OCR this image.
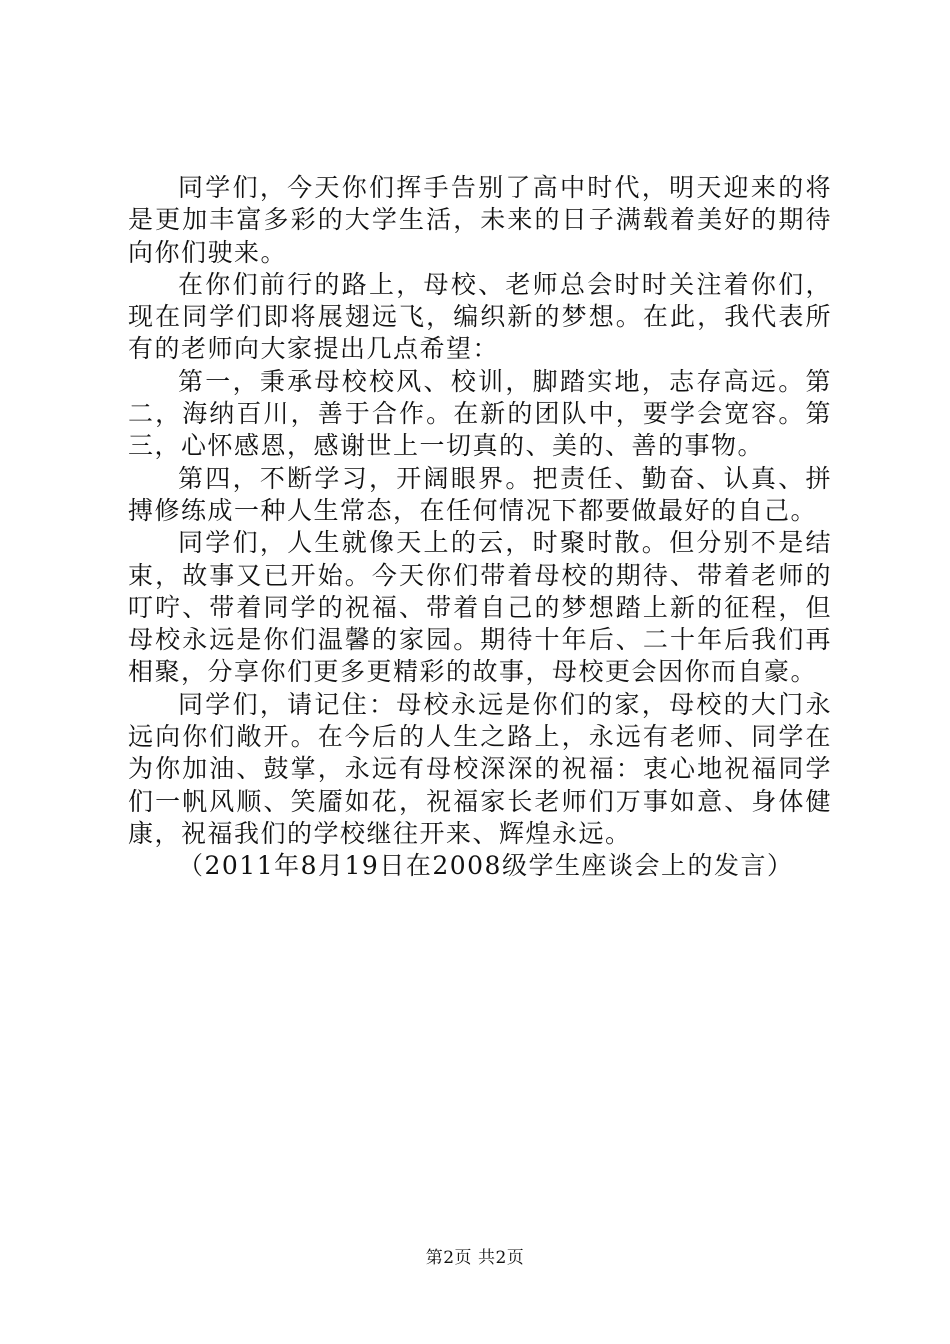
同学们，今天你们挥手告别了高中时代，明天迎来的将是更加丰富多彩的大学生活，未来的日子满载着美好的期待向你们驶来。

在你们前行的路上，母校、老师总会时时关注着你们，现在同学们即将展翅远飞，编织新的梦想。在此，我代表所有的老师向大家提出几点希望：

第一，秉承母校校风、校训，脚踏实地，志存高远。第二，海纳百川，善于合作。在新的团队中，要学会宽容。第三，心怀感恩，感谢世上一切真的、美的、善的事物。

第四，不断学习，开阔眼界。把责任、勤奋、认真、拼搏修练成一种人生常态，在任何情况下都要做最好的自己。

同学们，人生就像天上的云，时聚时散。但分别不是结束，故事又已开始。今天你们带着母校的期待、带着老师的叮咛、带着同学的祝福、带着自己的梦想踏上新的征程，但母校永远是你们温馨的家园。期待十年后、二十年后我们再相聚，分享你们更多更精彩的故事，母校更会因你而自豪。

同学们，请记住：母校永远是你们的家，母校的大门永远向你们敞开。在今后的人生之路上，永远有老师、同学在为你加油、鼓掌，永远有母校深深的祝福：衷心地祝福同学们一帆风顺、笑靥如花，祝福家长老师们万事如意、身体健康，祝福我们的学校继往开来、辉煌永远。

（2011年8月19日在2008级学生座谈会上的发言）

第2页 共2页
